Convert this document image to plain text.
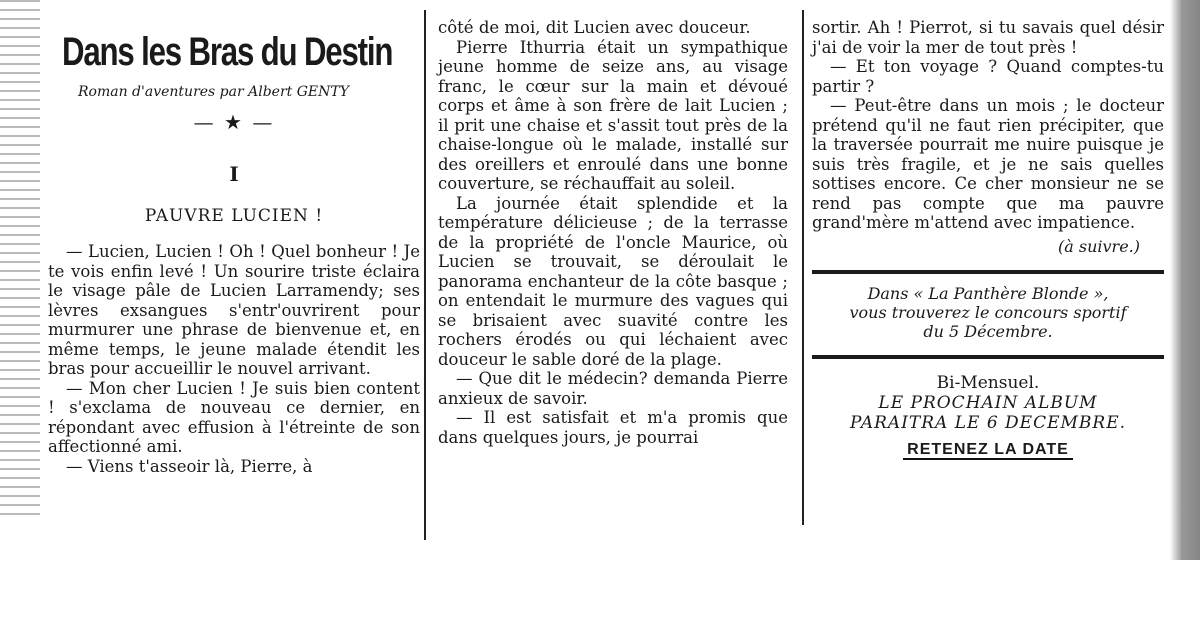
Dans les Bras du Destin
Roman d'aventures par Albert GENTY
— ★ —
I
PAUVRE LUCIEN !

— Lucien, Lucien ! Oh ! Quel bonheur ! Je te vois enfin levé ! Un sourire triste éclaira le visage pâle de Lucien Larramendy; ses lèvres exsangues s'entr'ouvrirent pour murmurer une phrase de bienvenue et, en même temps, le jeune malade étendit les bras pour accueillir le nouvel arrivant.

— Mon cher Lucien ! Je suis bien content ! s'exclama de nouveau ce dernier, en répondant avec effusion à l'étreinte de son affectionné ami.

— Viens t'asseoir là, Pierre, à

côté de moi, dit Lucien avec douceur.

Pierre Ithurria était un sympathique jeune homme de seize ans, au visage franc, le cœur sur la main et dévoué corps et âme à son frère de lait Lucien ; il prit une chaise et s'assit tout près de la chaise-longue où le malade, installé sur des oreillers et enroulé dans une bonne couverture, se réchauffait au soleil.

La journée était splendide et la température délicieuse ; de la terrasse de la propriété de l'oncle Maurice, où Lucien se trouvait, se déroulait le panorama enchanteur de la côte basque ; on entendait le murmure des vagues qui se brisaient avec suavité contre les rochers érodés ou qui léchaient avec douceur le sable doré de la plage.

— Que dit le médecin? demanda Pierre anxieux de savoir.

— Il est satisfait et m'a promis que dans quelques jours, je pourrai

sortir. Ah ! Pierrot, si tu savais quel désir j'ai de voir la mer de tout près !

— Et ton voyage ? Quand comptes-tu partir ?

— Peut-être dans un mois ; le docteur prétend qu'il ne faut rien précipiter, que la traversée pourrait me nuire puisque je suis très fragile, et je ne sais quelles sottises encore. Ce cher monsieur ne se rend pas compte que ma pauvre grand'mère m'attend avec impatience.

(à suivre.)
Dans « La Panthère Blonde »,
vous trouverez le concours sportif
du 5 Décembre.
Bi-Mensuel.
LE PROCHAIN ALBUM
PARAITRA LE 6 DECEMBRE.
RETENEZ LA DATE
